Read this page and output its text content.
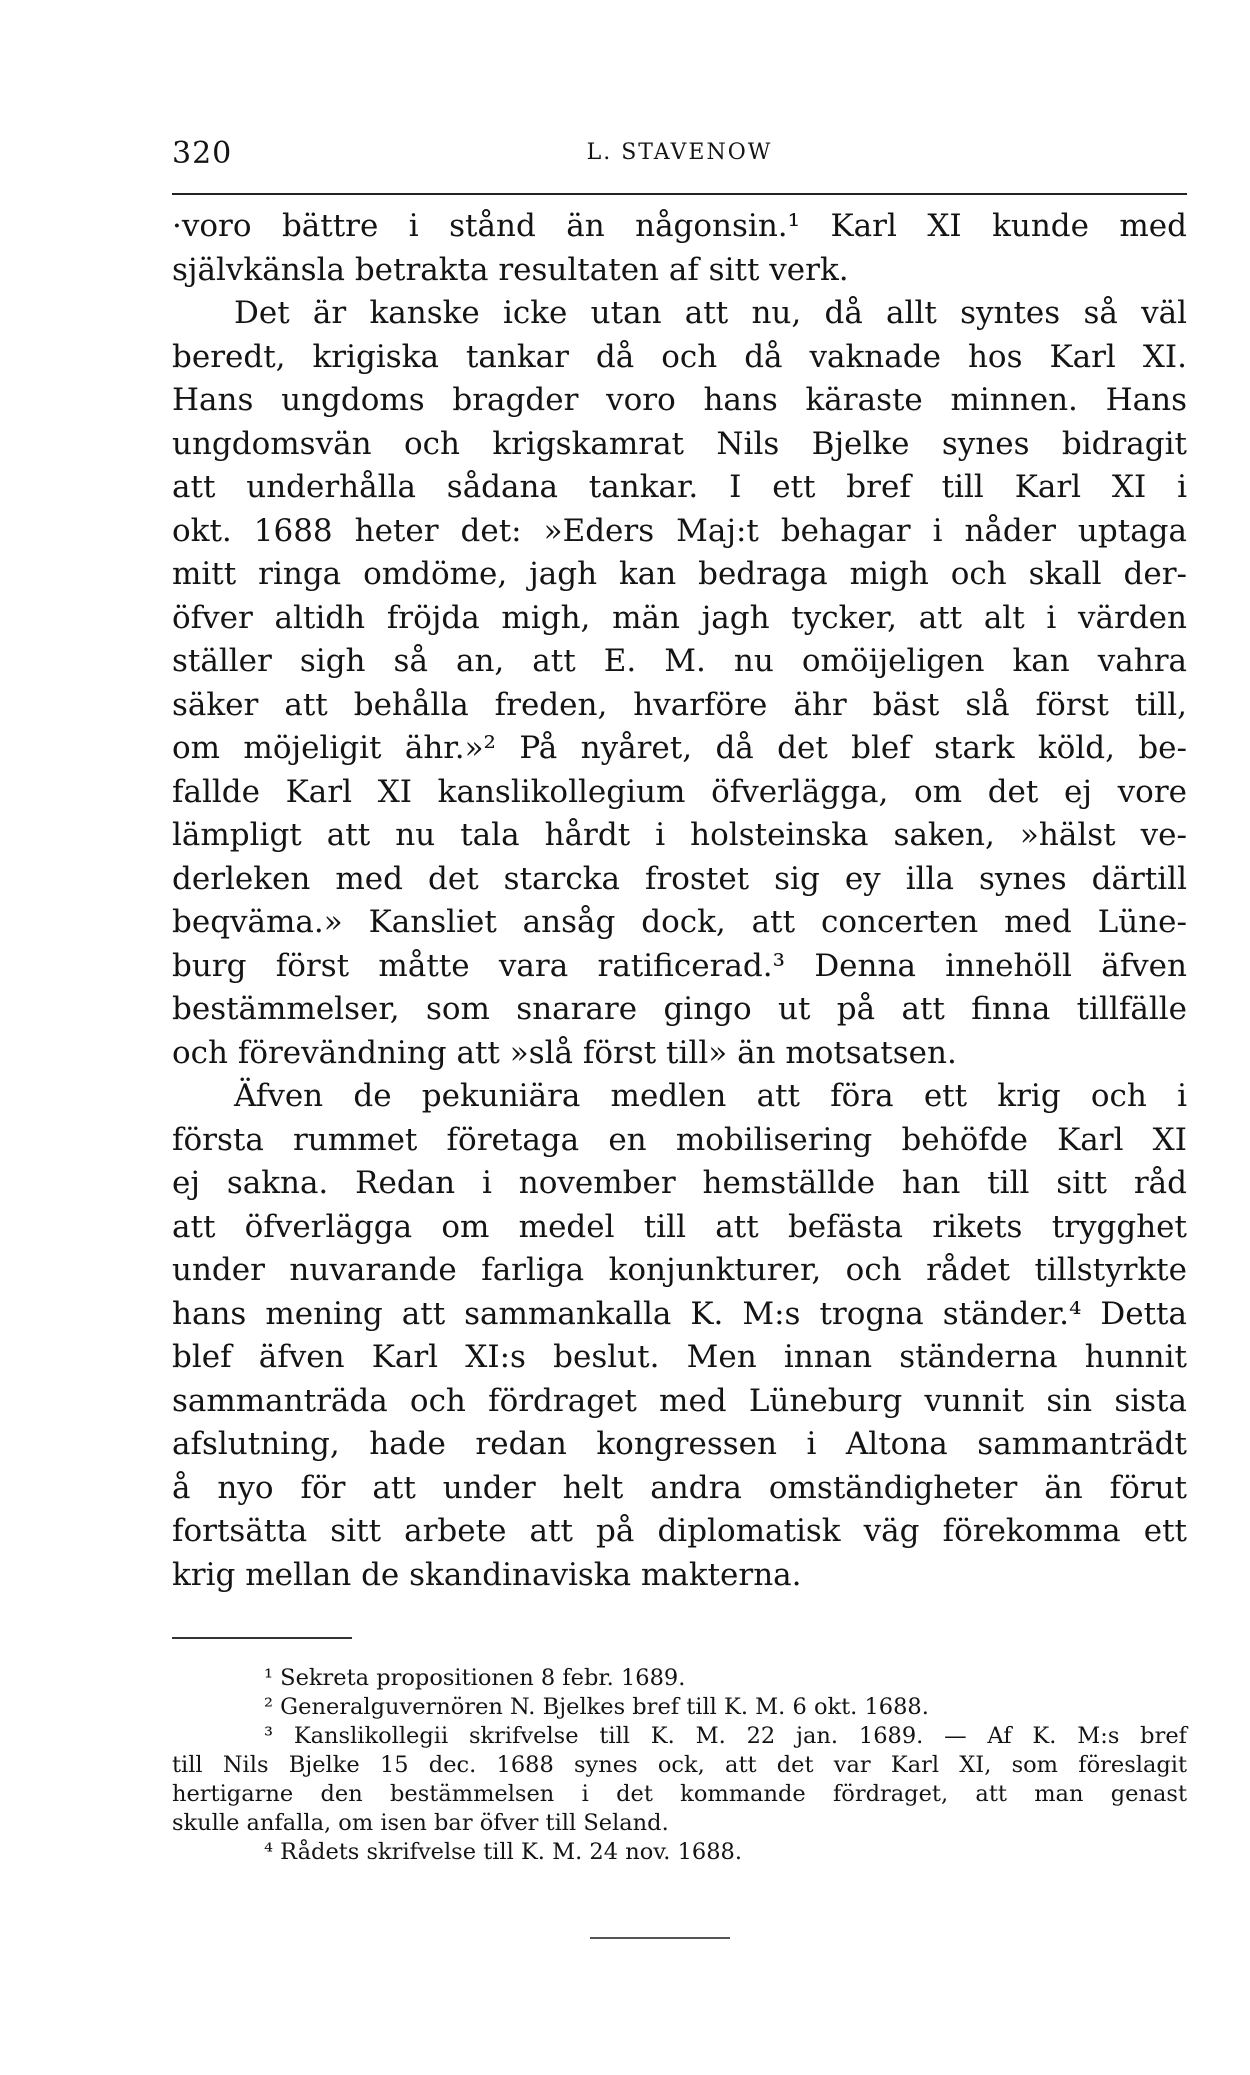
320	L. STAVENOW
·voro bättre i stånd än någonsin.¹ Karl XI kunde med
självkänsla betrakta resultaten af sitt verk.
Det är kanske icke utan att nu, då allt syntes så väl
beredt, krigiska tankar då och då vaknade hos Karl XI.
Hans ungdoms bragder voro hans käraste minnen. Hans
ungdomsvän och krigskamrat Nils Bjelke synes bidragit
att underhålla sådana tankar. I ett bref till Karl XI i
okt. 1688 heter det: »Eders Maj:t behagar i nåder uptaga
mitt ringa omdöme, jagh kan bedraga migh och skall der-
öfver altidh fröjda migh, män jagh tycker, att alt i värden
ställer sigh så an, att E. M. nu omöijeligen kan vahra
säker att behålla freden, hvarföre ähr bäst slå först till,
om möjeligit ähr.»² På nyåret, då det blef stark köld, be-
fallde Karl XI kanslikollegium öfverlägga, om det ej vore
lämpligt att nu tala hårdt i holsteinska saken, »hälst ve-
derleken med det starcka frostet sig ey illa synes därtill
beqväma.» Kansliet ansåg dock, att concerten med Lüne-
burg först måtte vara ratificerad.³ Denna innehöll äfven
bestämmelser, som snarare gingo ut på att finna tillfälle
och förevändning att »slå först till» än motsatsen.
Äfven de pekuniära medlen att föra ett krig och i
första rummet företaga en mobilisering behöfde Karl XI
ej sakna. Redan i november hemställde han till sitt råd
att öfverlägga om medel till att befästa rikets trygghet
under nuvarande farliga konjunkturer, och rådet tillstyrkte
hans mening att sammankalla K. M:s trogna ständer.⁴ Detta
blef äfven Karl XI:s beslut. Men innan ständerna hunnit
sammanträda och fördraget med Lüneburg vunnit sin sista
afslutning, hade redan kongressen i Altona sammanträdt
å nyo för att under helt andra omständigheter än förut
fortsätta sitt arbete att på diplomatisk väg förekomma ett
krig mellan de skandinaviska makterna.
¹ Sekreta propositionen 8 febr. 1689.
² Generalguvernören N. Bjelkes bref till K. M. 6 okt. 1688.
³ Kanslikollegii skrifvelse till K. M. 22 jan. 1689. — Af K. M:s bref
till Nils Bjelke 15 dec. 1688 synes ock, att det var Karl XI, som föreslagit
hertigarne den bestämmelsen i det kommande fördraget, att man genast
skulle anfalla, om isen bar öfver till Seland.
⁴ Rådets skrifvelse till K. M. 24 nov. 1688.
